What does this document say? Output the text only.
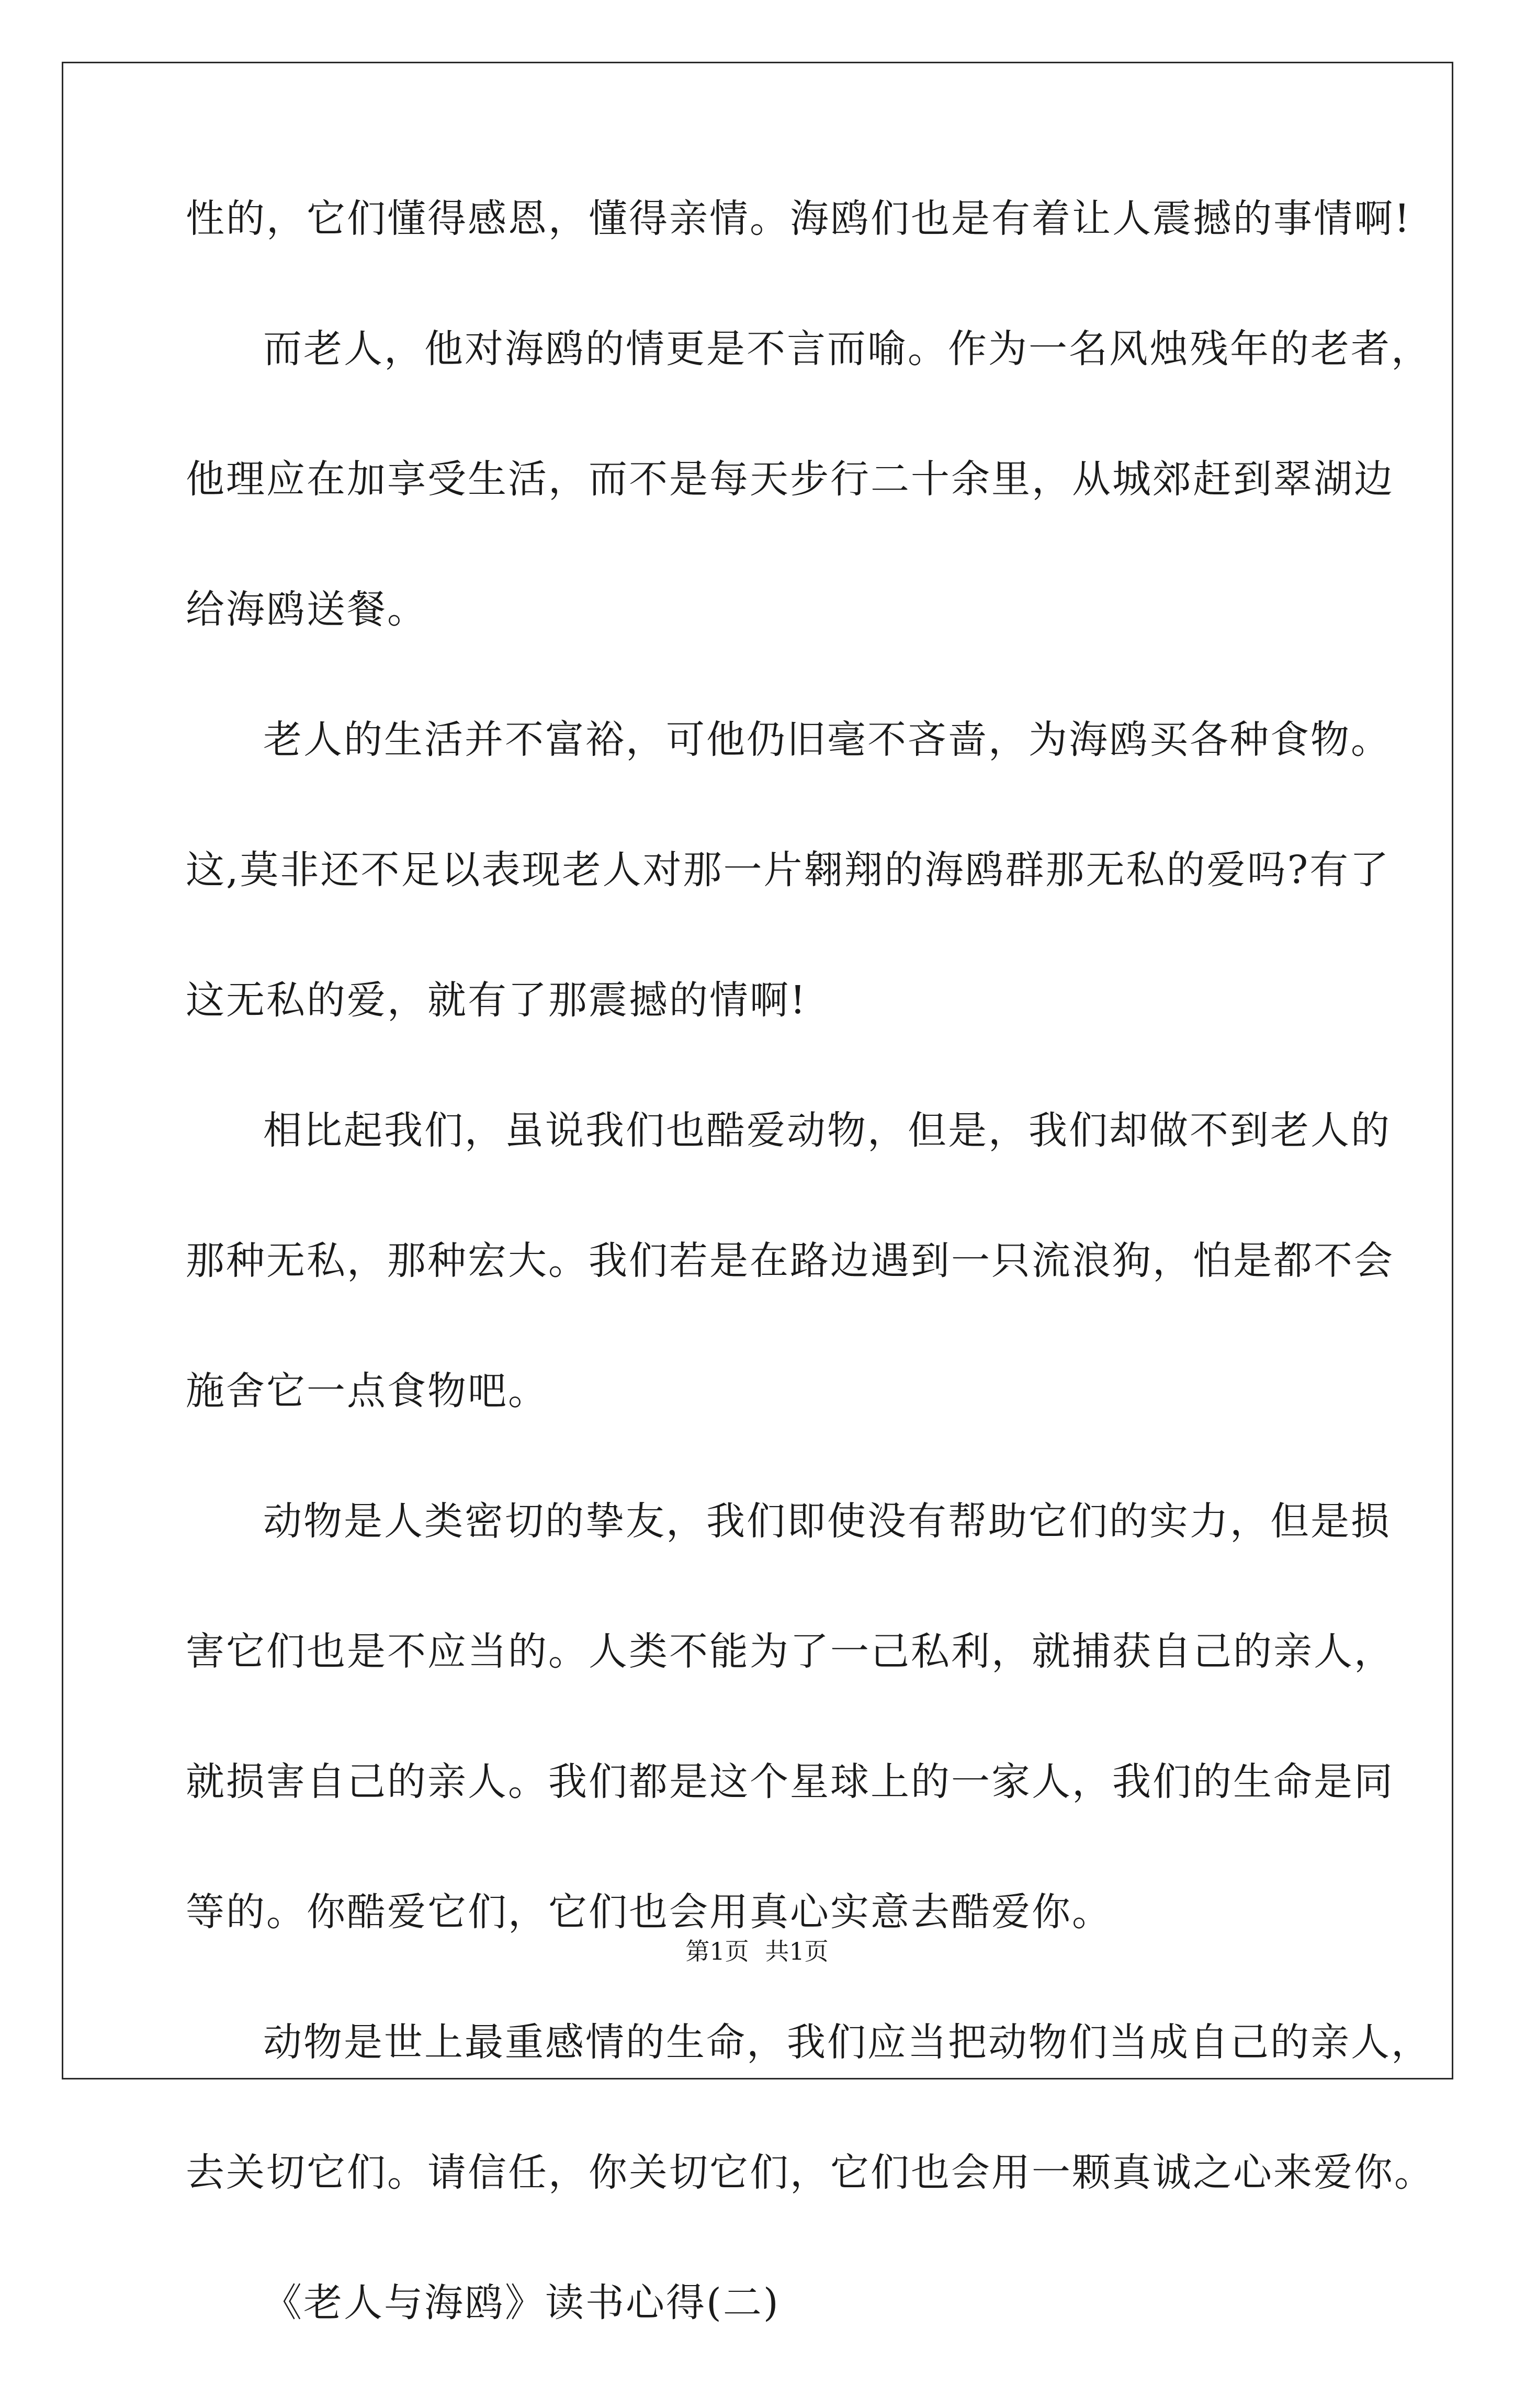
性的，它们懂得感恩，懂得亲情。海鸥们也是有着让人震撼的事情啊!
而老人，他对海鸥的情更是不言而喻。作为一名风烛残年的老者，
他理应在加享受生活，而不是每天步行二十余里，从城郊赶到翠湖边
给海鸥送餐。
老人的生活并不富裕，可他仍旧毫不吝啬，为海鸥买各种食物。
这,莫非还不足以表现老人对那一片翱翔的海鸥群那无私的爱吗?有了
这无私的爱，就有了那震撼的情啊!
相比起我们，虽说我们也酷爱动物，但是，我们却做不到老人的
那种无私，那种宏大。我们若是在路边遇到一只流浪狗，怕是都不会
施舍它一点食物吧。
动物是人类密切的挚友，我们即使没有帮助它们的实力，但是损
害它们也是不应当的。人类不能为了一己私利，就捕获自己的亲人，
就损害自己的亲人。我们都是这个星球上的一家人，我们的生命是同
等的。你酷爱它们，它们也会用真心实意去酷爱你。
动物是世上最重感情的生命，我们应当把动物们当成自己的亲人，
去关切它们。请信任，你关切它们，它们也会用一颗真诚之心来爱你。
《老人与海鸥》读书心得(二)
第1页 共1页
